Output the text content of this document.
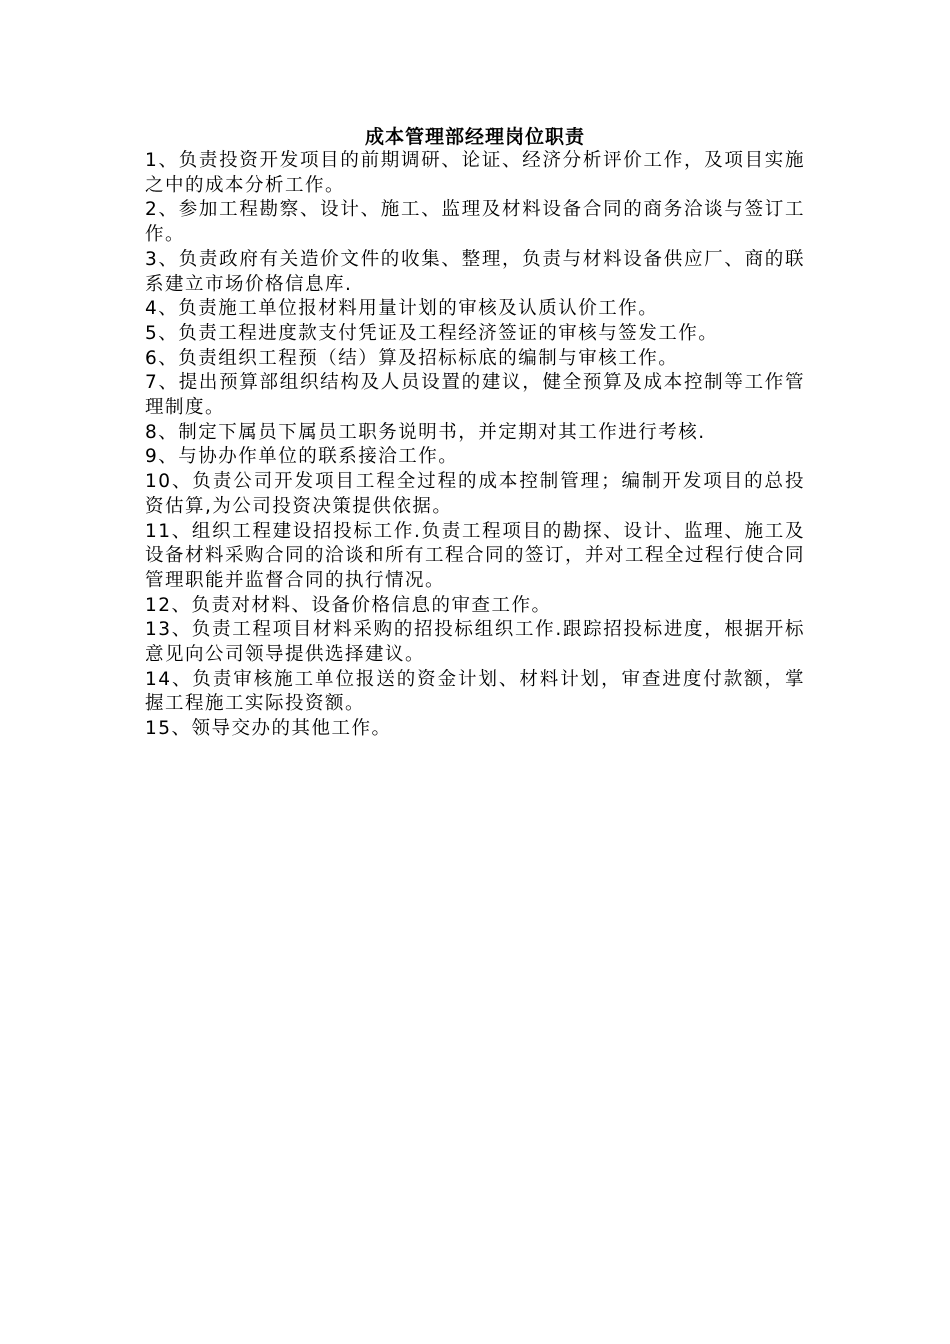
成本管理部经理岗位职责

1、负责投资开发项目的前期调研、论证、经济分析评价工作，及项目实施之中的成本分析工作。

2、参加工程勘察、设计、施工、监理及材料设备合同的商务洽谈与签订工作。

3、负责政府有关造价文件的收集、整理，负责与材料设备供应厂、商的联系建立市场价格信息库.

4、负责施工单位报材料用量计划的审核及认质认价工作。

5、负责工程进度款支付凭证及工程经济签证的审核与签发工作。

6、负责组织工程预（结）算及招标标底的编制与审核工作。

7、提出预算部组织结构及人员设置的建议，健全预算及成本控制等工作管理制度。

8、制定下属员下属员工职务说明书，并定期对其工作进行考核.

9、与协办作单位的联系接洽工作。

10、负责公司开发项目工程全过程的成本控制管理；编制开发项目的总投资估算,为公司投资决策提供依据。

11、组织工程建设招投标工作.负责工程项目的勘探、设计、监理、施工及设备材料采购合同的洽谈和所有工程合同的签订，并对工程全过程行使合同管理职能并监督合同的执行情况。

12、负责对材料、设备价格信息的审查工作。

13、负责工程项目材料采购的招投标组织工作.跟踪招投标进度，根据开标意见向公司领导提供选择建议。

14、负责审核施工单位报送的资金计划、材料计划，审查进度付款额，掌握工程施工实际投资额。

15、领导交办的其他工作。
